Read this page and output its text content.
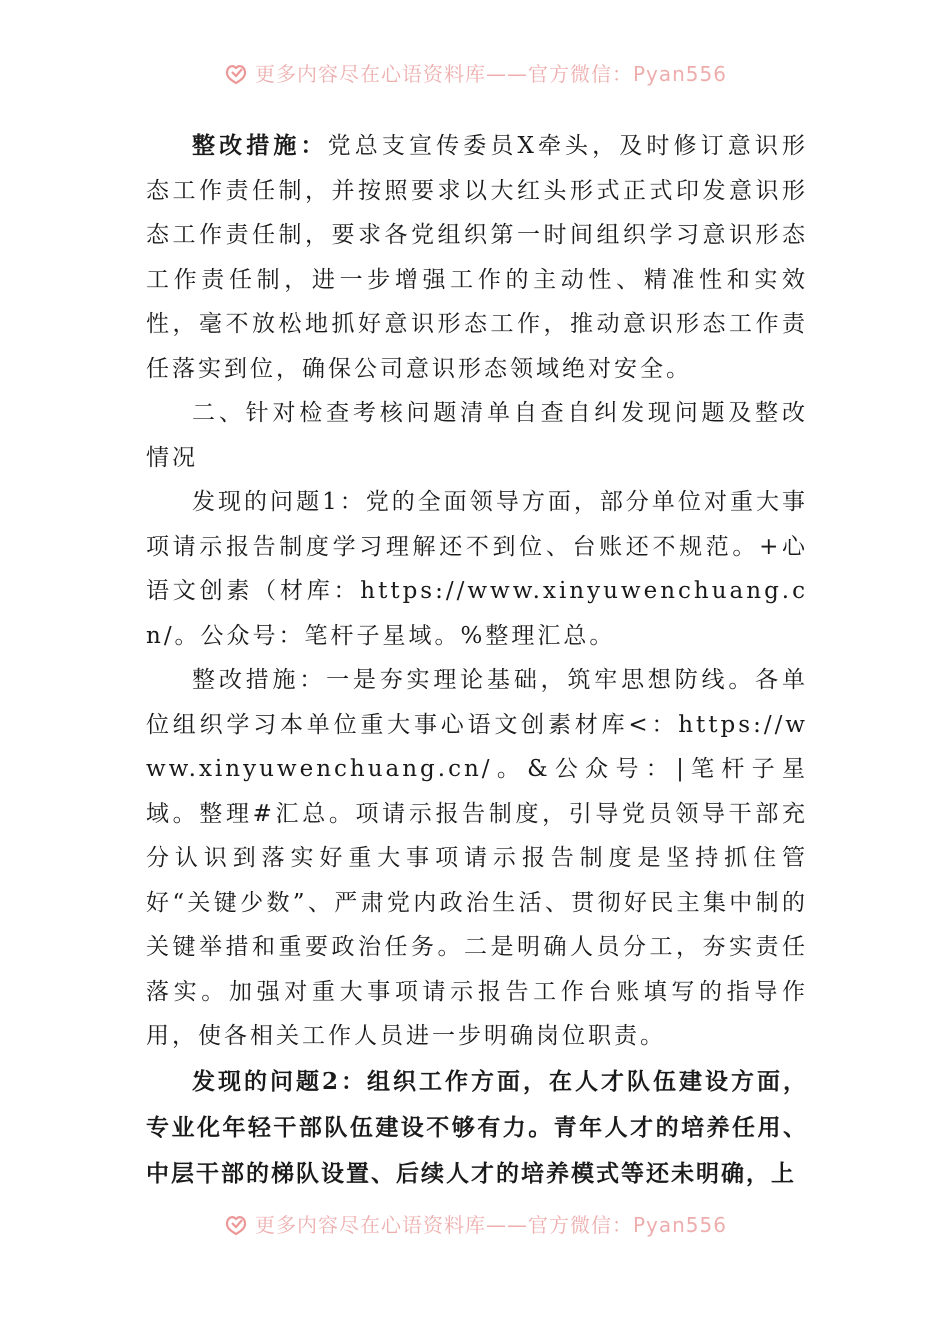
更多内容尽在心语资料库——官方微信：Pyan556

整改措施：党总支宣传委员X牵头，及时修订意识形态工作责任制，并按照要求以大红头形式正式印发意识形态工作责任制，要求各党组织第一时间组织学习意识形态工作责任制，进一步增强工作的主动性、精准性和实效性，毫不放松地抓好意识形态工作，推动意识形态工作责任落实到位，确保公司意识形态领域绝对安全。

二、针对检查考核问题清单自查自纠发现问题及整改情况

发现的问题1：党的全面领导方面，部分单位对重大事项请示报告制度学习理解还不到位、台账还不规范。+心语文创素（材库：https://www.xinyuwenchuang.cn/。公众号：笔杆子星域。%整理汇总。

整改措施：一是夯实理论基础，筑牢思想防线。各单位组织学习本单位重大事心语文创素材库<：https://www.xinyuwenchuang.cn/。&公众号：|笔杆子星域。整理#汇总。项请示报告制度，引导党员领导干部充分认识到落实好重大事项请示报告制度是坚持抓住管好“关键少数”、严肃党内政治生活、贯彻好民主集中制的关键举措和重要政治任务。二是明确人员分工，夯实责任落实。加强对重大事项请示报告工作台账填写的指导作用，使各相关工作人员进一步明确岗位职责。

发现的问题2：组织工作方面，在人才队伍建设方面，专业化年轻干部队伍建设不够有力。青年人才的培养任用、中层干部的梯队设置、后续人才的培养模式等还未明确，上

更多内容尽在心语资料库——官方微信：Pyan556
